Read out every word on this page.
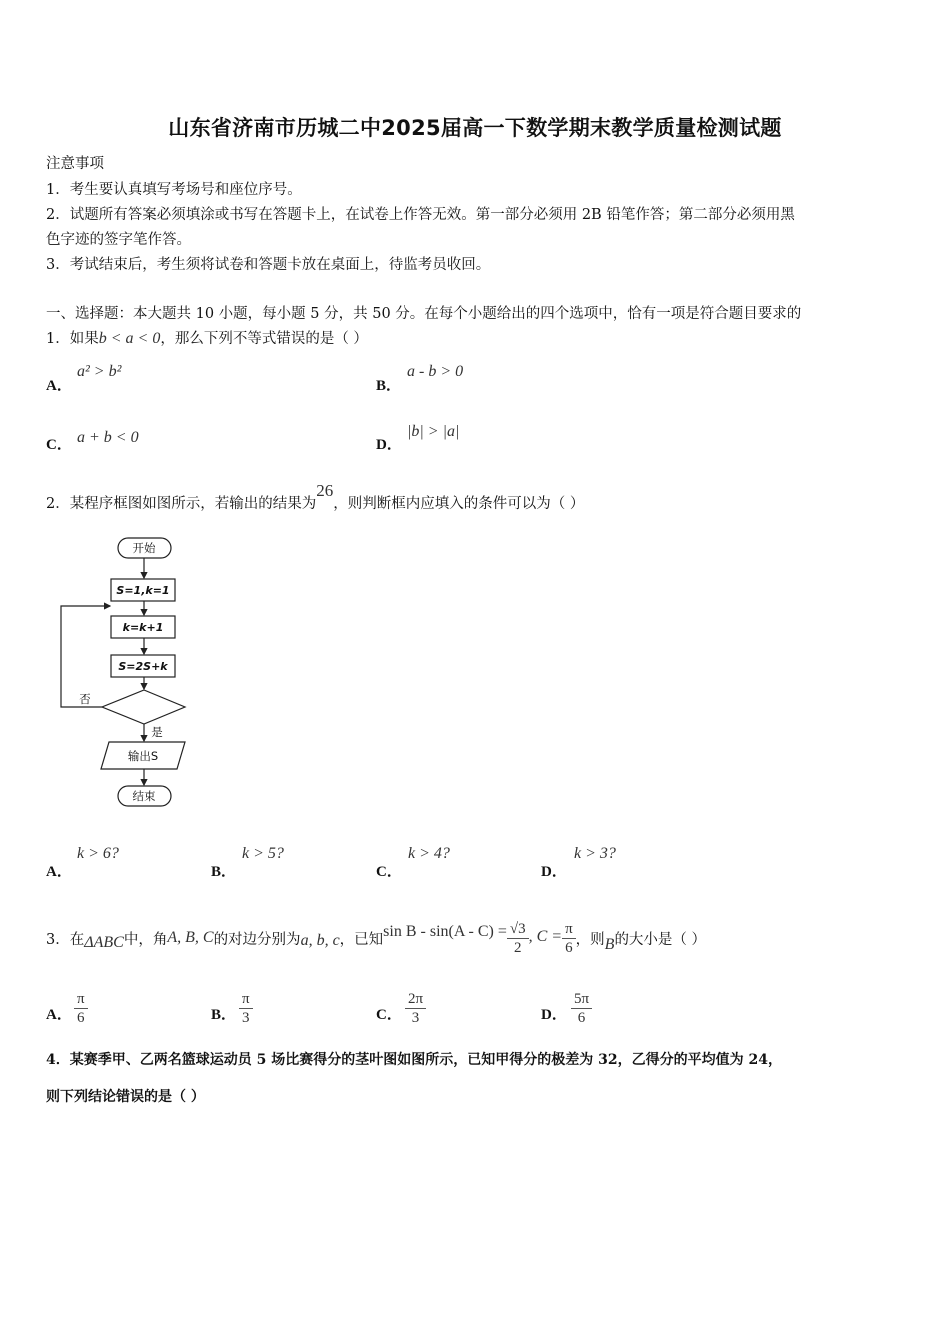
山东省济南市历城二中2025届高一下数学期末教学质量检测试题
注意事项
1．考生要认真填写考场号和座位序号。
2．试题所有答案必须填涂或书写在答题卡上，在试卷上作答无效。第一部分必须用 2B 铅笔作答；第二部分必须用黑
色字迹的签字笔作答。
3．考试结束后，考生须将试卷和答题卡放在桌面上，待监考员收回。
一、选择题：本大题共 10 小题，每小题 5 分，共 50 分。在每个小题给出的四个选项中，恰有一项是符合题目要求的
1．如果b < a < 0，那么下列不等式错误的是（ ）
A．
a² > b²
B．
a - b > 0
C． a + b < 0	D．
|b| > |a|
2．某程序框图如图所示，若输出的结果为26，则判断框内应填入的条件可以为（ ）
开始
S=1,k=1
k=k+1
S=2S+k
否
是
输出S
结束
A．
k > 6?
B．
k > 5?
C．
k > 4?
D．
k > 3?
3．在 ΔABC 中，角 A, B, C 的对边分别为 a, b, c ，已知 $\sin B - \sin(A - C) = \frac{√3}{2}$ , $C = \frac{\pi}{6}$ ，则 B 的大小是（ ）
A． $\frac{\pi}{6}$	B． $\frac{\pi}{3}$	C． $\frac{2\pi}{3}$	D． $\frac{5\pi}{6}$
4．某赛季甲、乙两名篮球运动员 5 场比赛得分的茎叶图如图所示，已知甲得分的极差为 32，乙得分的平均值为 24，
则下列结论错误的是（ ）
